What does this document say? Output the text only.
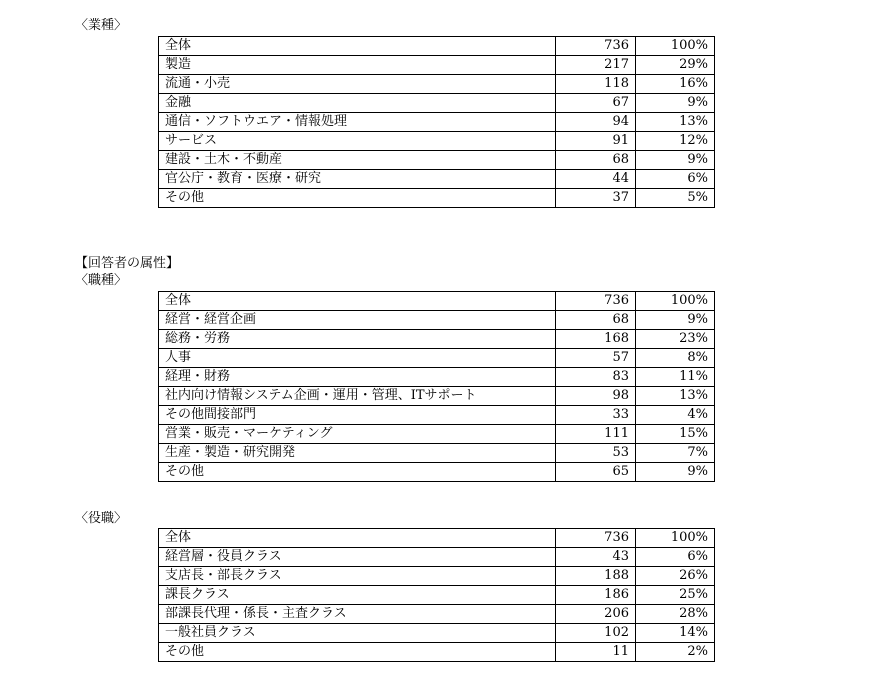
〈業種〉
全体	736	100%
製造	217	29%
流通・小売	118	16%
金融	67	9%
通信・ソフトウエア・情報処理	94	13%
サービス	91	12%
建設・土木・不動産	68	9%
官公庁・教育・医療・研究	44	6%
その他	37	5%
【回答者の属性】
〈職種〉
全体	736	100%
経営・経営企画	68	9%
総務・労務	168	23%
人事	57	8%
経理・財務	83	11%
社内向け情報システム企画・運用・管理、ITサポート	98	13%
その他間接部門	33	4%
営業・販売・マーケティング	111	15%
生産・製造・研究開発	53	7%
その他	65	9%
〈役職〉
全体	736	100%
経営層・役員クラス	43	6%
支店長・部長クラス	188	26%
課長クラス	186	25%
部課長代理・係長・主査クラス	206	28%
一般社員クラス	102	14%
その他	11	2%
